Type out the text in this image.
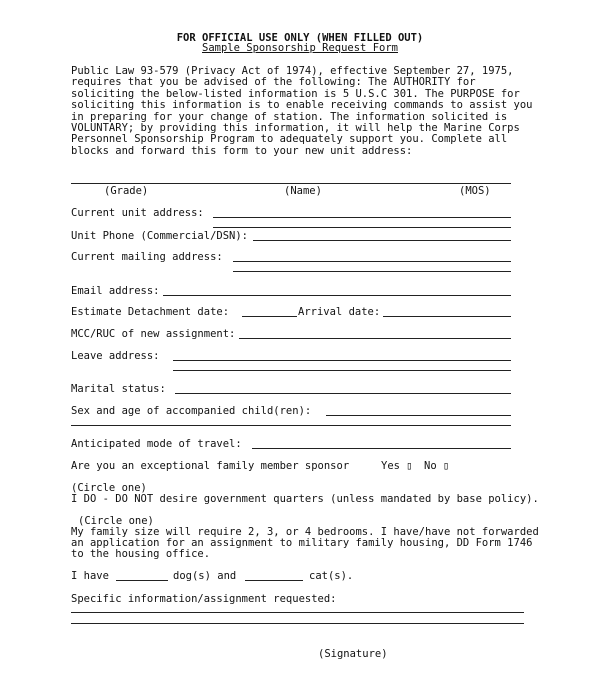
FOR OFFICIAL USE ONLY (WHEN FILLED OUT)
Sample Sponsorship Request Form
Public Law 93-579 (Privacy Act of 1974), effective September 27, 1975, requires that you be advised of the following: The AUTHORITY for soliciting the below-listed information is 5 U.S.C 301. The PURPOSE for soliciting this information is to enable receiving commands to assist you in preparing for your change of station. The information solicited is VOLUNTARY; by providing this information, it will help the Marine Corps Personnel Sponsorship Program to adequately support you. Complete all blocks and forward this form to your new unit address:
(Grade)	(Name)	(MOS)
Current unit address:
Unit Phone (Commercial/DSN):
Current mailing address:
Email address:
Estimate Detachment date:	Arrival date:
MCC/RUC of new assignment:
Leave address:
Marital status:
Sex and age of accompanied child(ren):
Anticipated mode of travel:
Are you an exceptional family member sponsor	Yes ▯ No ▯
(Circle one)
I DO - DO NOT desire government quarters (unless mandated by base policy).
(Circle one)
My family size will require 2, 3, or 4 bedrooms. I have/have not forwarded an application for an assignment to military family housing, DD Form 1746 to the housing office.
I have	dog(s) and	cat(s).
Specific information/assignment requested:
(Signature)
